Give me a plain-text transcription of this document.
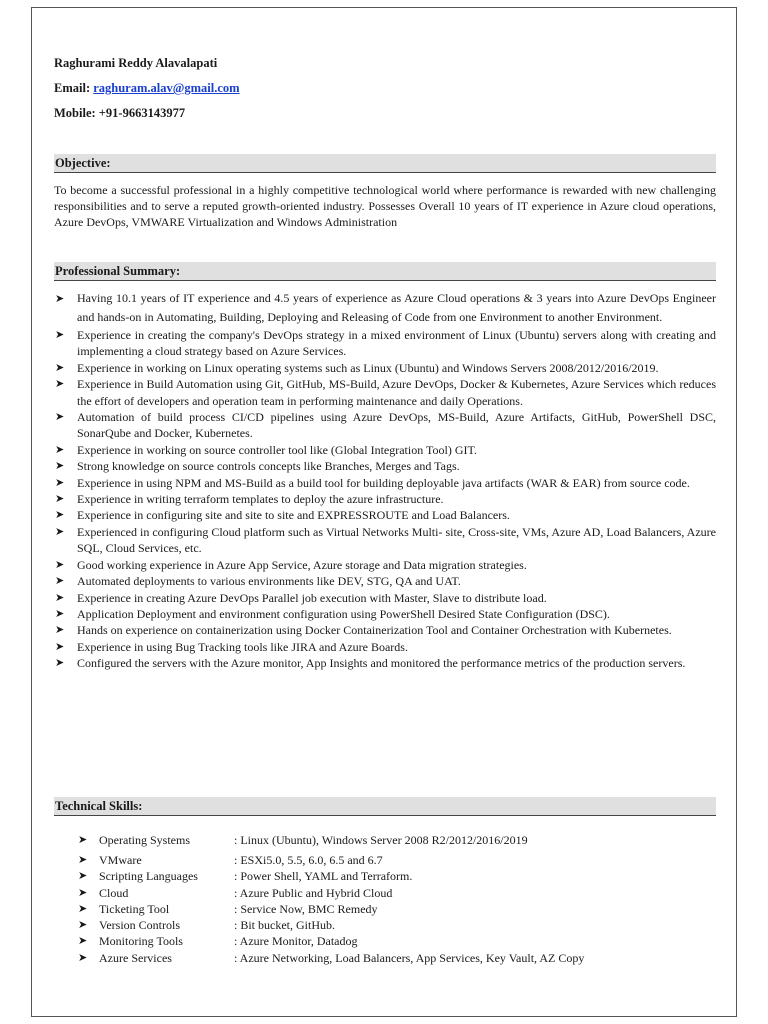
Raghurami Reddy Alavalapati
Email: raghuram.alav@gmail.com
Mobile: +91-9663143977
Objective:
To become a successful professional in a highly competitive technological world where performance is rewarded with new challenging responsibilities and to serve a reputed growth-oriented industry. Possesses Overall 10 years of IT experience in Azure cloud operations, Azure DevOps, VMWARE Virtualization and Windows Administration
Professional Summary:
➤ Having 10.1 years of IT experience and 4.5 years of experience as Azure Cloud operations & 3 years into Azure DevOps Engineer and hands-on in Automating, Building, Deploying and Releasing of Code from one Environment to another Environment.
➤ Experience in creating the company's DevOps strategy in a mixed environment of Linux (Ubuntu) servers along with creating and implementing a cloud strategy based on Azure Services.
➤ Experience in working on Linux operating systems such as Linux (Ubuntu) and Windows Servers 2008/2012/2016/2019.
➤ Experience in Build Automation using Git, GitHub, MS-Build, Azure DevOps, Docker & Kubernetes, Azure Services which reduces the effort of developers and operation team in performing maintenance and daily Operations.
➤ Automation of build process CI/CD pipelines using Azure DevOps, MS-Build, Azure Artifacts, GitHub, PowerShell DSC, SonarQube and Docker, Kubernetes.
➤ Experience in working on source controller tool like (Global Integration Tool) GIT.
➤ Strong knowledge on source controls concepts like Branches, Merges and Tags.
➤ Experience in using NPM and MS-Build as a build tool for building deployable java artifacts (WAR & EAR) from source code.
➤ Experience in writing terraform templates to deploy the azure infrastructure.
➤ Experience in configuring site and site to site and EXPRESSROUTE and Load Balancers.
➤ Experienced in configuring Cloud platform such as Virtual Networks Multi- site, Cross-site, VMs, Azure AD, Load Balancers, Azure SQL, Cloud Services, etc.
➤ Good working experience in Azure App Service, Azure storage and Data migration strategies.
➤ Automated deployments to various environments like DEV, STG, QA and UAT.
➤ Experience in creating Azure DevOps Parallel job execution with Master, Slave to distribute load.
➤ Application Deployment and environment configuration using PowerShell Desired State Configuration (DSC).
➤ Hands on experience on containerization using Docker Containerization Tool and Container Orchestration with Kubernetes.
➤ Experience in using Bug Tracking tools like JIRA and Azure Boards.
➤ Configured the servers with the Azure monitor, App Insights and monitored the performance metrics of the production servers.
Technical Skills:
➤ Operating Systems	: Linux (Ubuntu), Windows Server 2008 R2/2012/2016/2019
➤ VMware	: ESXi5.0, 5.5, 6.0, 6.5 and 6.7
➤ Scripting Languages	: Power Shell, YAML and Terraform.
➤ Cloud	: Azure Public and Hybrid Cloud
➤ Ticketing Tool	: Service Now, BMC Remedy
➤ Version Controls	: Bit bucket, GitHub.
➤ Monitoring Tools	: Azure Monitor, Datadog
➤ Azure Services	: Azure Networking, Load Balancers, App Services, Key Vault, AZ Copy
